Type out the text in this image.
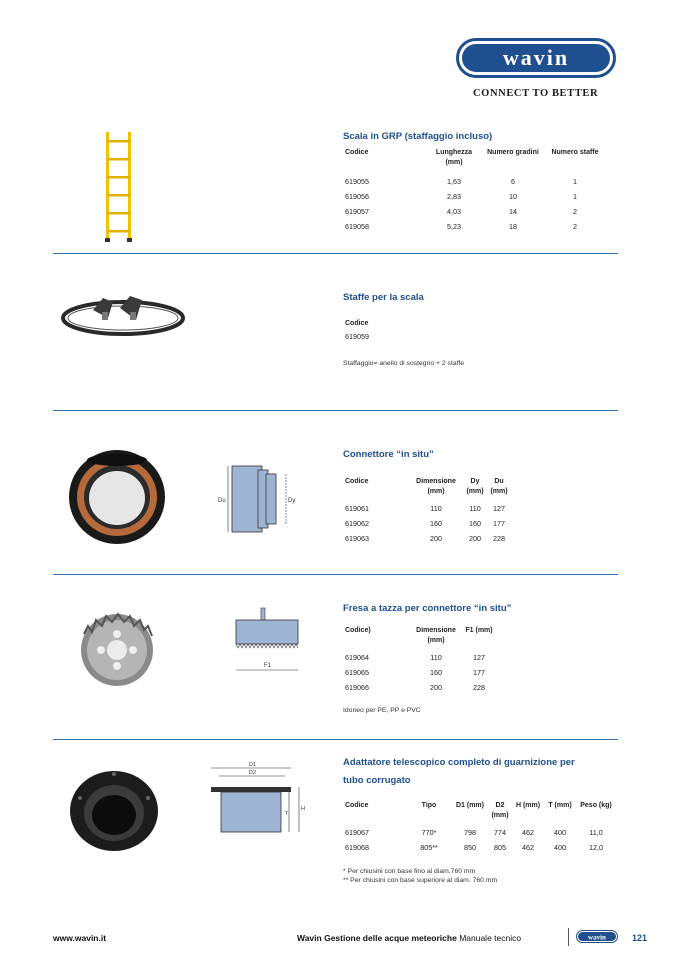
wavin
CONNECT TO BETTER
Scala in GRP (staffaggio incluso)
Codice	Lunghezza (mm)	Numero gradini	Numero staffe

619055	1,63	6	1
619056	2,83	10	1
619057	4,03	14	2
619058	5,23	18	2
Staffe per la scala
Codice
619059
Staffaggio= anello di sostegno + 2 staffe
Du	Dy
Connettore “in situ”
Codice	Dimensione (mm)	Dy (mm)	Du (mm)

619061	110	110	127
619062	160	160	177
619063	200	200	228
F1
Fresa a tazza per connettore “in situ”
Codice)	Dimensione (mm)	F1 (mm)

619064	110	127
619065	160	177
619066	200	228
Idoneo per PE, PP e PVC
D1
D2
T
H
Adattatore telescopico completo di guarnizione per
tubo corrugato
Codice	Tipo	D1 (mm)	D2 (mm)	H (mm)	T (mm)	Peso (kg)

619067	770*	798	774	462	400	11,0
619068	805**	850	805	462	400	12,0
* Per chiusini con base fino al diam.760 mm
** Per chiusini con base superiore al diam. 760 mm
www.wavin.it	Wavin Gestione delle acque meteoriche Manuale tecnico	wavin	121
